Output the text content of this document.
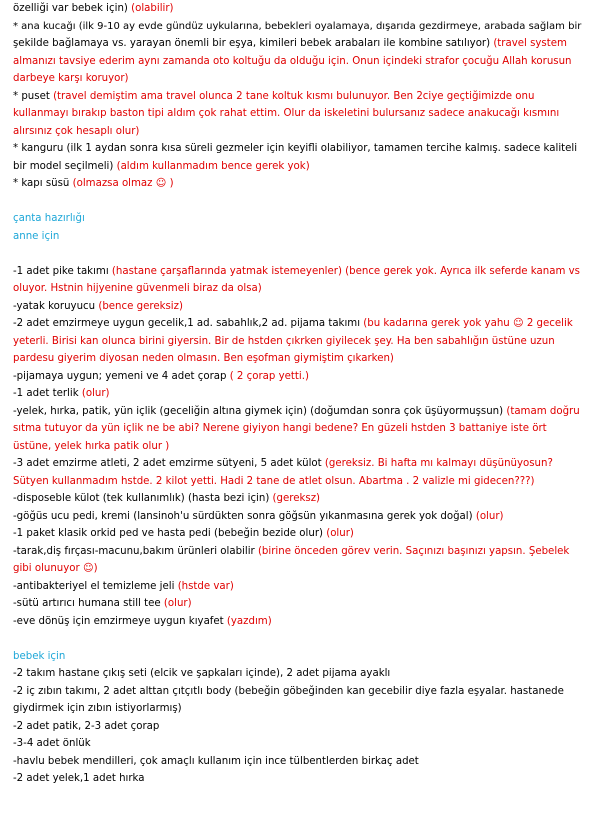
özelliği var bebek için) (olabilir)
* ana kucağı (ilk 9-10 ay evde gündüz uykularına, bebekleri oyalamaya, dışarıda gezdirmeye, arabada sağlam bir
şekilde bağlamaya vs. yarayan önemli bir eşya, kimileri bebek arabaları ile kombine satılıyor) (travel system
almanızı tavsiye ederim aynı zamanda oto koltuğu da olduğu için. Onun içindeki strafor çocuğu Allah korusun
darbeye karşı koruyor)
* puset (travel demiştim ama travel olunca 2 tane koltuk kısmı bulunuyor. Ben 2ciye geçtiğimizde onu
kullanmayı bırakıp baston tipi aldım çok rahat ettim. Olur da iskeletini bulursanız sadece anakucağı kısmını
alırsınız çok hesaplı olur)
* kanguru (ilk 1 aydan sonra kısa süreli gezmeler için keyifli olabiliyor, tamamen tercihe kalmış. sadece kaliteli
bir model seçilmeli) (aldım kullanmadım bence gerek yok)
* kapı süsü (olmazsa olmaz ☺ )
çanta hazırlığı
anne için
-1 adet pike takımı (hastane çarşaflarında yatmak istemeyenler) (bence gerek yok. Ayrıca ilk seferde kanam vs
oluyor. Hstnin hijyenine güvenmeli biraz da olsa)
-yatak koruyucu (bence gereksiz)
-2 adet emzirmeye uygun gecelik,1 ad. sabahlık,2 ad. pijama takımı (bu kadarına gerek yok yahu ☺ 2 gecelik
yeterli. Birisi kan olunca birini giyersin. Bir de hstden çıkrken giyilecek şey. Ha ben sabahlığın üstüne uzun
pardesu giyerim diyosan neden olmasın. Ben eşofman giymiştim çıkarken)
-pijamaya uygun; yemeni ve 4 adet çorap ( 2 çorap yetti.)
-1 adet terlik (olur)
-yelek, hırka, patik, yün içlik (geceliğin altına giymek için) (doğumdan sonra çok üşüyormuşsun) (tamam doğru
sıtma tutuyor da yün içlik ne be abi? Nerene giyiyon hangi bedene? En güzeli hstden 3 battaniye iste ört
üstüne, yelek hırka patik olur )
-3 adet emzirme atleti, 2 adet emzirme sütyeni, 5 adet külot (gereksiz. Bi hafta mı kalmayı düşünüyosun?
Sütyen kullanmadım hstde. 2 kilot yetti. Hadi 2 tane de atlet olsun. Abartma . 2 valizle mi gidecen???)
-disposeble külot (tek kullanımlık) (hasta bezi için) (gereksz)
-göğüs ucu pedi, kremi (lansinoh'u sürdükten sonra göğsün yıkanmasına gerek yok doğal) (olur)
-1 paket klasik orkid ped ve hasta pedi (bebeğin bezide olur) (olur)
-tarak,diş fırçası-macunu,bakım ürünleri olabilir (birine önceden görev verin. Saçınızı başınızı yapsın. Şebelek
gibi olunuyor ☺)
-antibakteriyel el temizleme jeli (hstde var)
-sütü artırıcı humana still tee (olur)
-eve dönüş için emzirmeye uygun kıyafet (yazdım)
bebek için
-2 takım hastane çıkış seti (elcik ve şapkaları içinde), 2 adet pijama ayaklı
-2 iç zıbın takımı, 2 adet alttan çıtçıtlı body (bebeğin göbeğinden kan gecebilir diye fazla eşyalar. hastanede
giydirmek için zıbın istiyorlarmış)
-2 adet patik, 2-3 adet çorap
-3-4 adet önlük
-havlu bebek mendilleri, çok amaçlı kullanım için ince tülbentlerden birkaç adet
-2 adet yelek,1 adet hırka
